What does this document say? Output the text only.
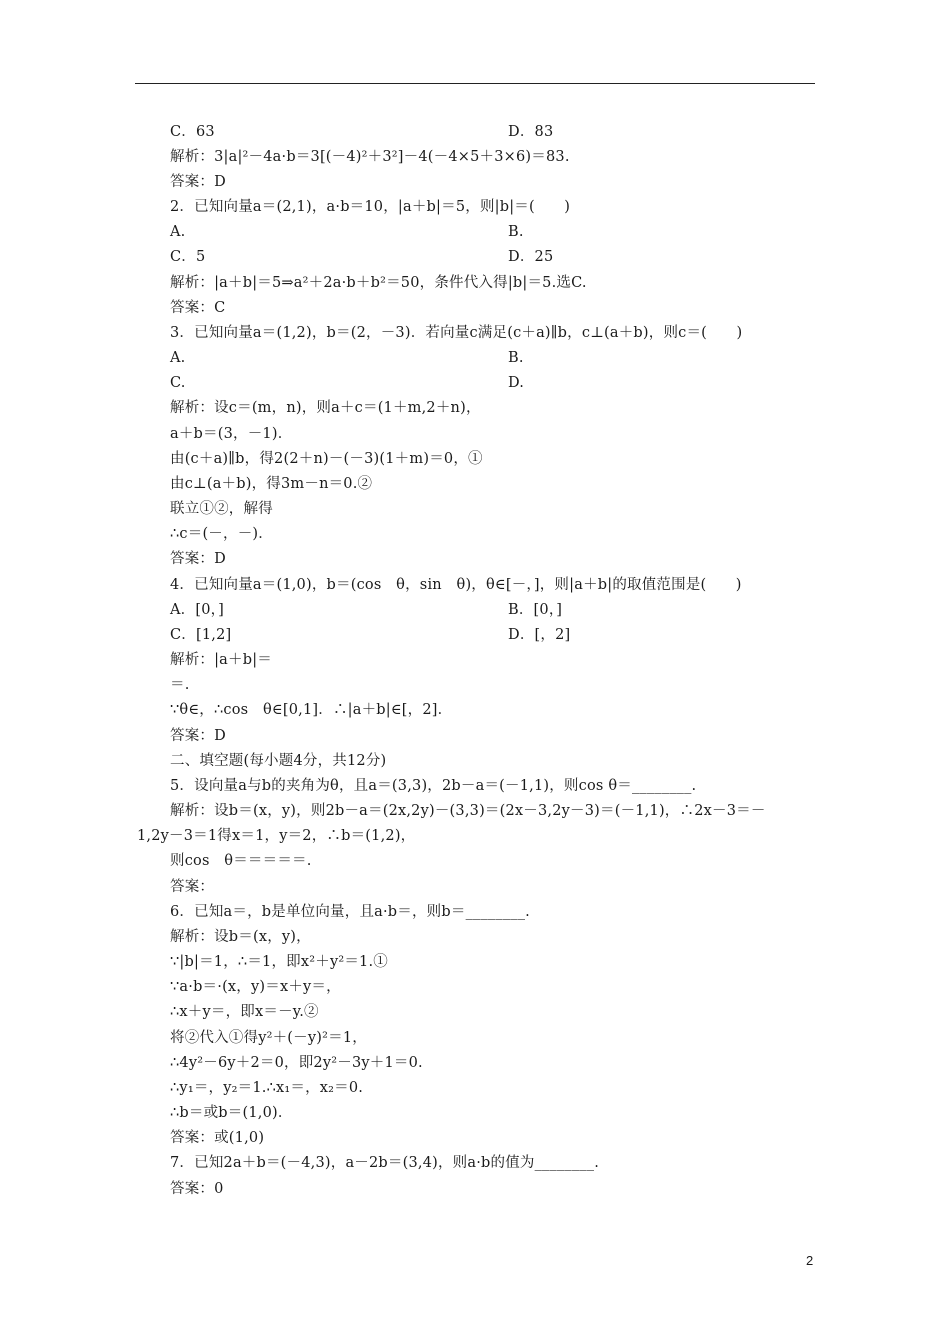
C．63
解析：3|a|²－4a·b＝3[(－4)²＋3²]－4(－4×5＋3×6)＝83.
答案：D
2．已知向量a＝(2,1)，a·b＝10，|a＋b|＝5，则|b|＝(　　)
A.
C．5
解析：|a＋b|＝5⇒a²＋2a·b＋b²＝50，条件代入得|b|＝5.选C.
答案：C
3．已知向量a＝(1,2)，b＝(2，－3)．若向量c满足(c＋a)∥b，c⊥(a＋b)，则c＝(　　)
A.
C.
解析：设c＝(m，n)，则a＋c＝(1＋m,2＋n)，
a＋b＝(3，－1)．
由(c＋a)∥b，得2(2＋n)－(－3)(1＋m)＝0，①
由c⊥(a＋b)，得3m－n＝0.②
联立①②，解得
∴c＝(－，－)．
答案：D
4．已知向量a＝(1,0)，b＝(cos　θ，sin　θ)，θ∈[－，]，则|a＋b|的取值范围是(　　)
A．[0，]
C．[1,2]
解析：|a＋b|＝
＝.
∵θ∈，∴cos　θ∈[0,1]．∴|a＋b|∈[，2]．
答案：D
二、填空题(每小题4分，共12分)
5．设向量a与b的夹角为θ，且a＝(3,3)，2b－a＝(－1,1)，则cos θ＝________.
解析：设b＝(x，y)，则2b－a＝(2x,2y)－(3,3)＝(2x－3,2y－3)＝(－1,1)，∴2x－3＝－
1,2y－3＝1得x＝1，y＝2，∴b＝(1,2)，
则cos　θ＝＝＝＝＝.
答案：
6．已知a＝，b是单位向量，且a·b＝，则b＝________.
解析：设b＝(x，y)，
∵|b|＝1，∴＝1，即x²＋y²＝1.①
∵a·b＝·(x，y)＝x＋y＝，
∴x＋y＝，即x＝－y.②
将②代入①得y²＋(－y)²＝1，
∴4y²－6y＋2＝0，即2y²－3y＋1＝0.
∴y₁＝，y₂＝1.∴x₁＝，x₂＝0.
∴b＝或b＝(1,0)．
答案：或(1,0)
7．已知2a＋b＝(－4,3)，a－2b＝(3,4)，则a·b的值为________.
答案：0
D．83
B.
D．25
B.
D.
B．[0，]
D．[，2]
2
